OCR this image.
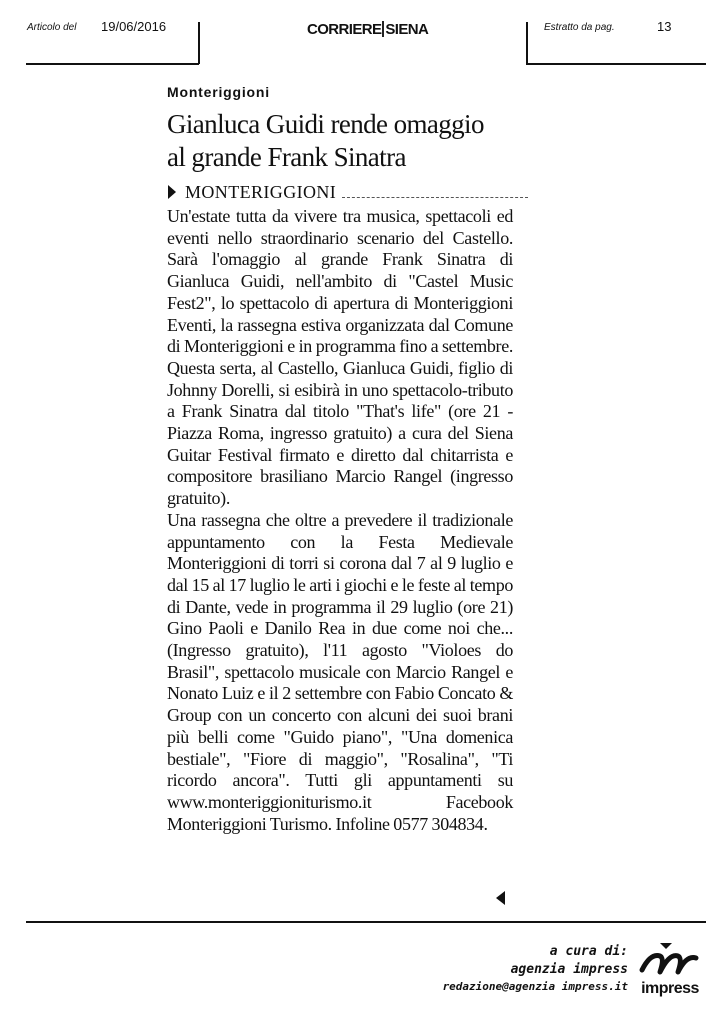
Articolo del 19/06/2016	CORRIERE SIENA	Estratto da pag.	13
Monteriggioni
Gianluca Guidi rende omaggio
al grande Frank Sinatra
MONTERIGGIONI

Un'estate tutta da vivere tra musica, spettacoli ed eventi nello straordinario scenario del Castello. Sarà l'omaggio al grande Frank Sinatra di Gianluca Guidi, nell'ambito di "Castel Music Fest2", lo spettacolo di apertura di Monteriggioni Eventi, la rassegna estiva organizzata dal Comune di Monteriggioni e in programma fino a settembre. Questa serta, al Castello, Gianluca Guidi, figlio di Johnny Dorelli, si esibirà in uno spettacolo-tributo a Frank Sinatra dal titolo "That's life" (ore 21 - Piazza Roma, ingresso gratuito) a cura del Siena Guitar Festival firmato e diretto dal chitarrista e compositore brasiliano Marcio Rangel (ingresso gratuito).

Una rassegna che oltre a prevedere il tradizionale appuntamento con la Festa Medievale Monteriggioni di torri si corona dal 7 al 9 luglio e dal 15 al 17 luglio le arti i giochi e le feste al tempo di Dante, vede in programma il 29 luglio (ore 21) Gino Paoli e Danilo Rea in due come noi che... (Ingresso gratuito), l'11 agosto "Violoes do Brasil", spettacolo musicale con Marcio Rangel e Nonato Luiz e il 2 settembre con Fabio Concato & Group con un concerto con alcuni dei suoi brani più belli come "Guido piano", "Una domenica bestiale", "Fiore di maggio", "Rosalina", "Ti ricordo ancora". Tutti gli appuntamenti su www.monteriggioniturismo.it Facebook Monteriggioni Turismo. Infoline 0577 304834.

a cura di:
agenzia impress
redazione@agenzia impress.it impress
